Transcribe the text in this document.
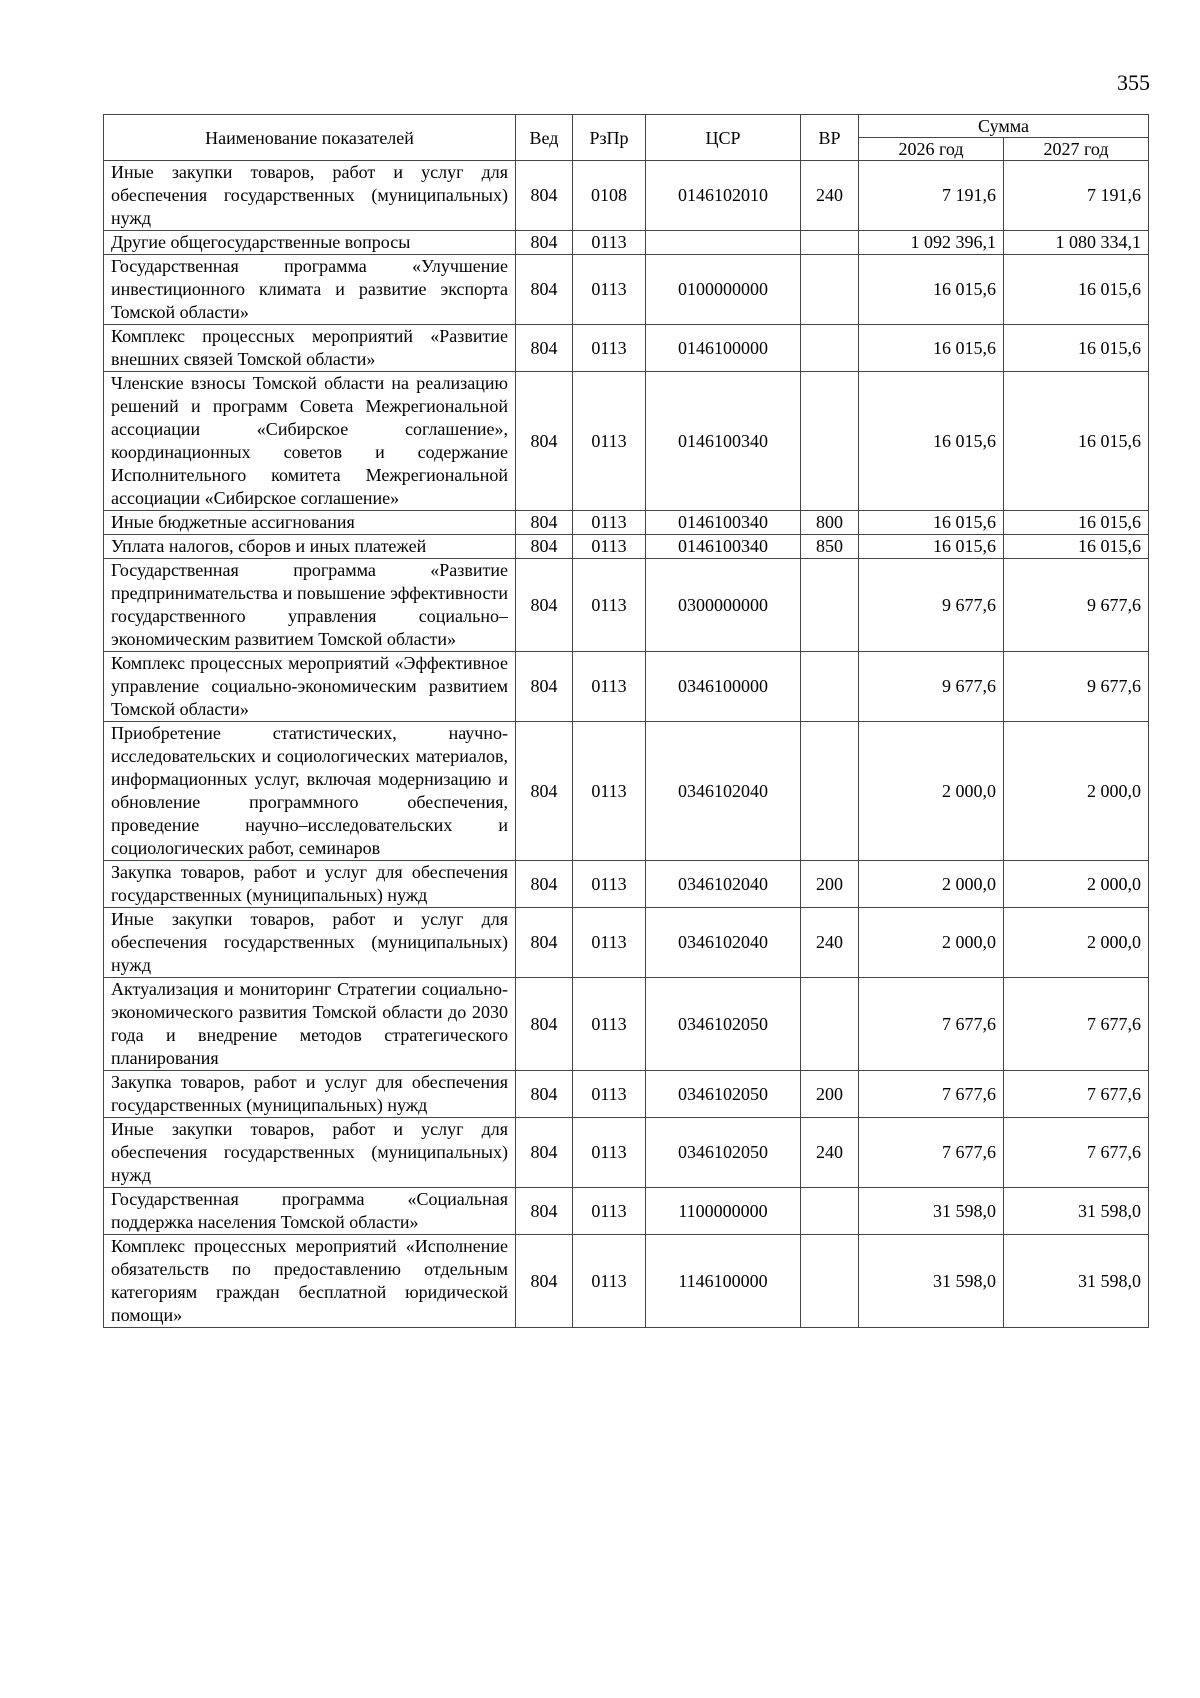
355
Наименование показателей	Вед	РзПр	ЦСР	ВР	Сумма	
					2026 год	2027 год
Иные закупки товаров, работ и услуг для обеспечения государственных (муниципальных) нужд	804	0108	0146102010	240	7 191,6	7 191,6
Другие общегосударственные вопросы	804	0113			1 092 396,1	1 080 334,1
Государственная программа «Улучшение инвестиционного климата и развитие экспорта Томской области»	804	0113	0100000000		16 015,6	16 015,6
Комплекс процессных мероприятий «Развитие внешних связей Томской области»	804	0113	0146100000		16 015,6	16 015,6
Членские взносы Томской области на реализацию решений и программ Совета Межрегиональной ассоциации «Сибирское соглашение», координационных советов и содержание Исполнительного комитета Межрегиональной ассоциации «Сибирское соглашение»	804	0113	0146100340		16 015,6	16 015,6
Иные бюджетные ассигнования	804	0113	0146100340	800	16 015,6	16 015,6
Уплата налогов, сборов и иных платежей	804	0113	0146100340	850	16 015,6	16 015,6
Государственная программа «Развитие предпринимательства и повышение эффективности государственного управления социально–экономическим развитием Томской области»	804	0113	0300000000		9 677,6	9 677,6
Комплекс процессных мероприятий «Эффективное управление социально-экономическим развитием Томской области»	804	0113	0346100000		9 677,6	9 677,6
Приобретение статистических, научно-исследовательских и социологических материалов, информационных услуг, включая модернизацию и обновление программного обеспечения, проведение научно–исследовательских и социологических работ, семинаров	804	0113	0346102040		2 000,0	2 000,0
Закупка товаров, работ и услуг для обеспечения государственных (муниципальных) нужд	804	0113	0346102040	200	2 000,0	2 000,0
Иные закупки товаров, работ и услуг для обеспечения государственных (муниципальных) нужд	804	0113	0346102040	240	2 000,0	2 000,0
Актуализация и мониторинг Стратегии социально-экономического развития Томской области до 2030 года и внедрение методов стратегического планирования	804	0113	0346102050		7 677,6	7 677,6
Закупка товаров, работ и услуг для обеспечения государственных (муниципальных) нужд	804	0113	0346102050	200	7 677,6	7 677,6
Иные закупки товаров, работ и услуг для обеспечения государственных (муниципальных) нужд	804	0113	0346102050	240	7 677,6	7 677,6
Государственная программа «Социальная поддержка населения Томской области»	804	0113	1100000000		31 598,0	31 598,0
Комплекс процессных мероприятий «Исполнение обязательств по предоставлению отдельным категориям граждан бесплатной юридической помощи»	804	0113	1146100000		31 598,0	31 598,0
